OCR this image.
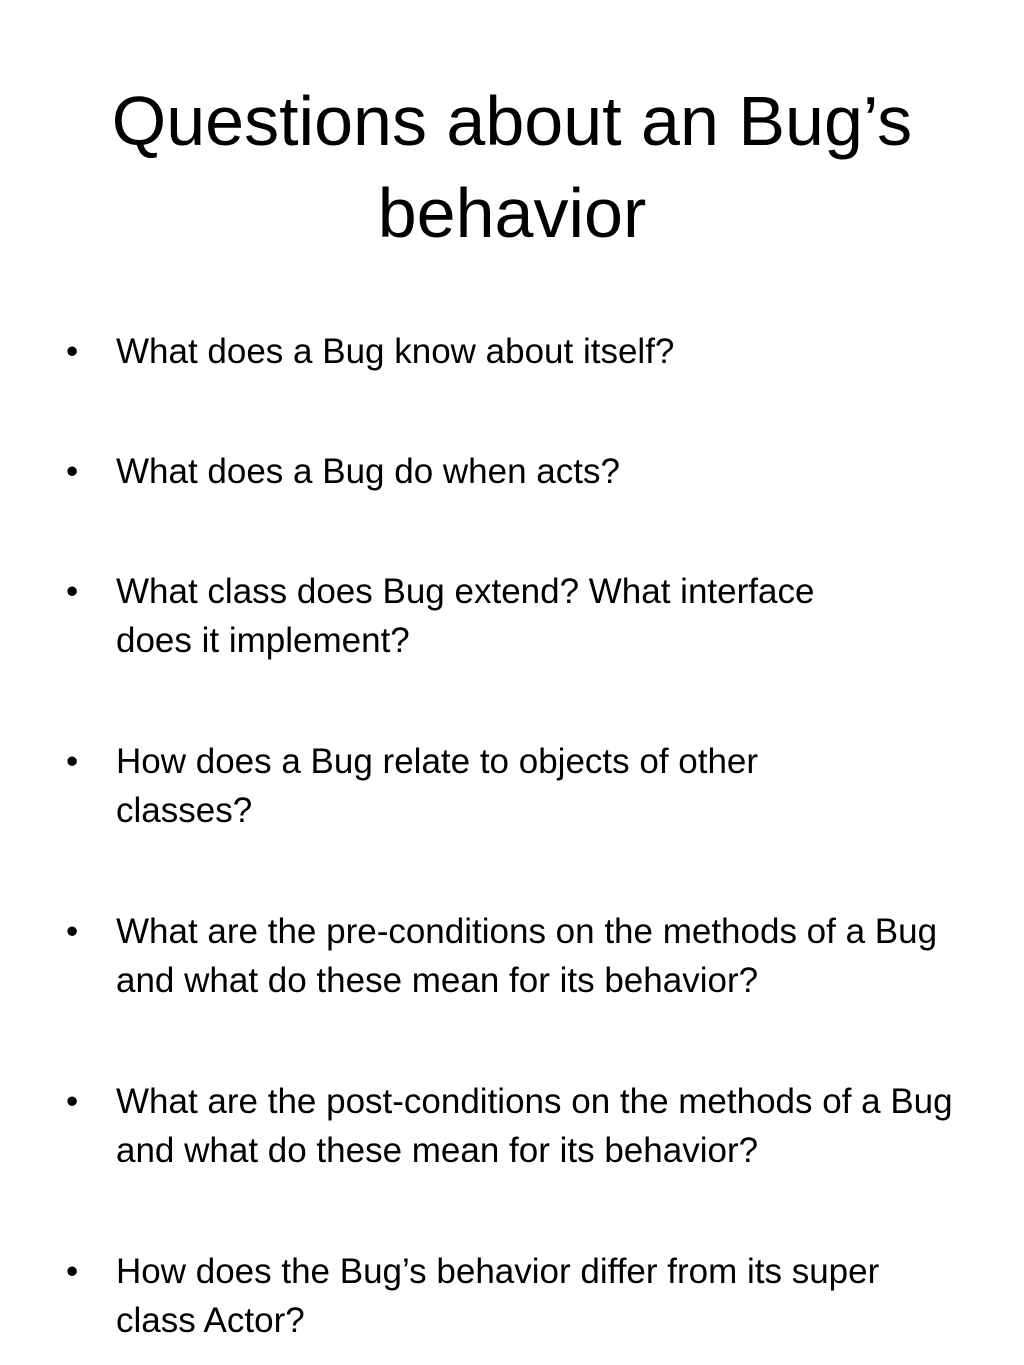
Questions about an Bug’s behavior
• What does a Bug know about itself?
• What does a Bug do when acts?
• What class does Bug extend? What interface does it implement?
• How does a Bug relate to objects of other classes?
• What are the pre-conditions on the methods of a Bug and what do these mean for its behavior?
• What are the post-conditions on the methods of a Bug and what do these mean for its behavior?
• How does the Bug’s behavior differ from its super class Actor?
